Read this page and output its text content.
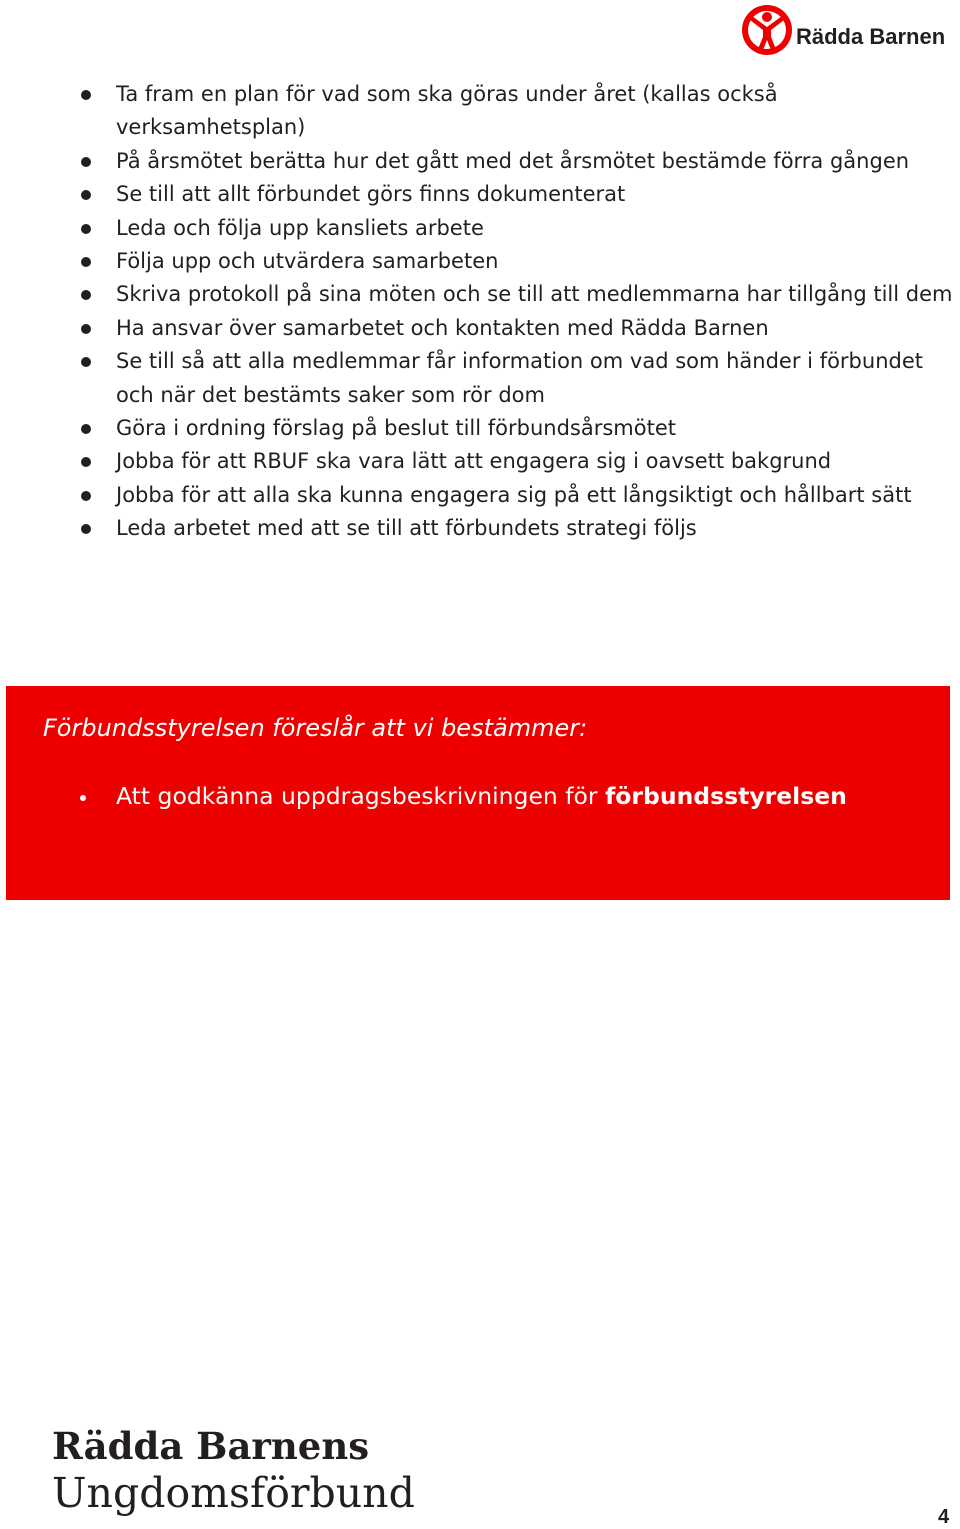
Rädda Barnen
Ta fram en plan för vad som ska göras under året (kallas också verksamhetsplan)
På årsmötet berätta hur det gått med det årsmötet bestämde förra gången
Se till att allt förbundet görs finns dokumenterat
Leda och följa upp kansliets arbete
Följa upp och utvärdera samarbeten
Skriva protokoll på sina möten och se till att medlemmarna har tillgång till dem
Ha ansvar över samarbetet och kontakten med Rädda Barnen
Se till så att alla medlemmar får information om vad som händer i förbundet och när det bestämts saker som rör dom
Göra i ordning förslag på beslut till förbundsårsmötet
Jobba för att RBUF ska vara lätt att engagera sig i oavsett bakgrund
Jobba för att alla ska kunna engagera sig på ett långsiktigt och hållbart sätt
Leda arbetet med att se till att förbundets strategi följs
Förbundsstyrelsen föreslår att vi bestämmer:
Att godkänna uppdragsbeskrivningen för förbundsstyrelsen
Rädda Barnens
Ungdomsförbund	4
